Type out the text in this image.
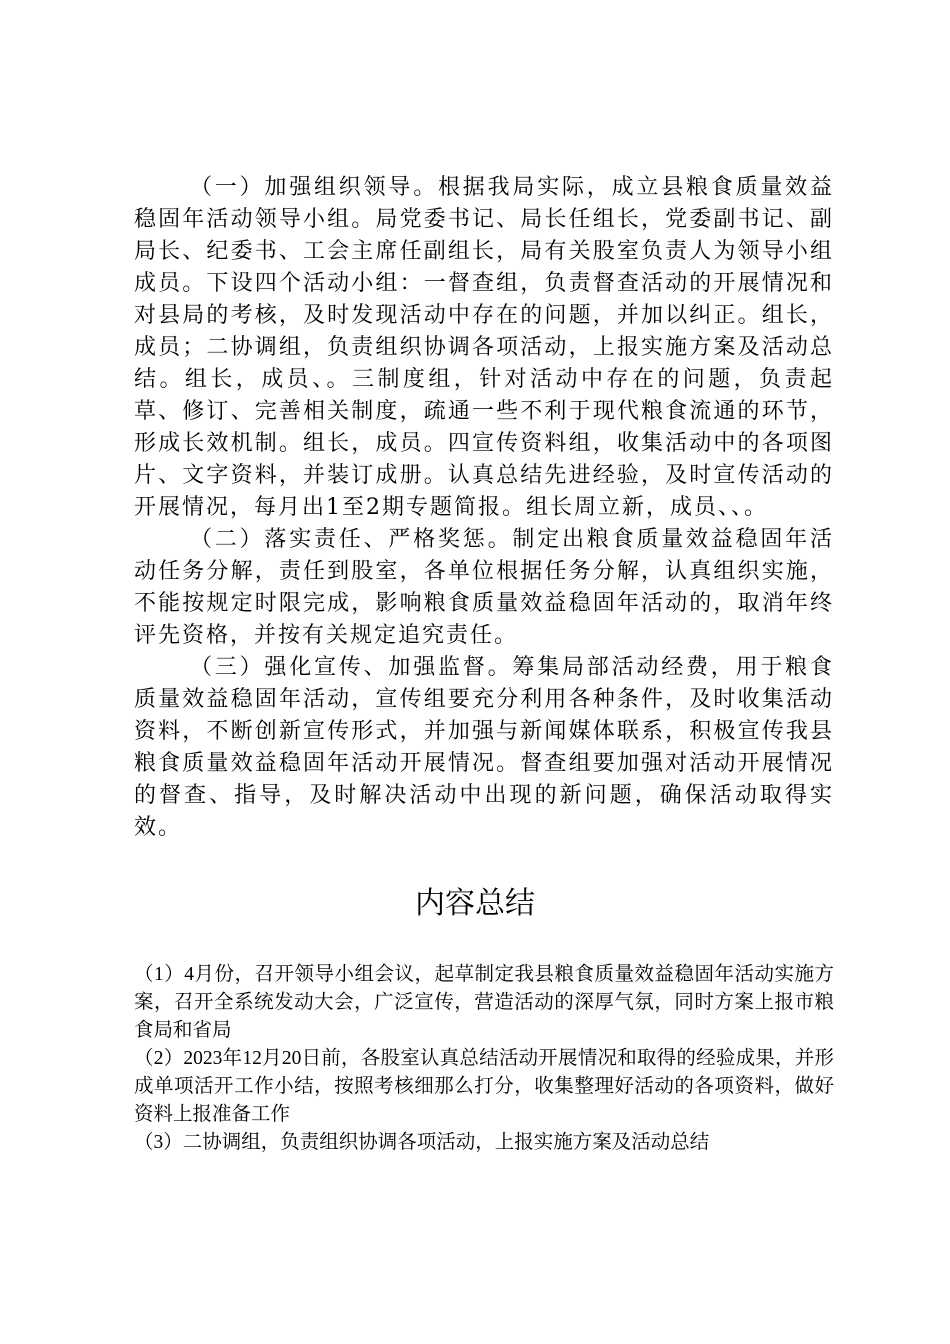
（一）加强组织领导。根据我局实际，成立县粮食质量效益稳固年活动领导小组。局党委书记、局长任组长，党委副书记、副局长、纪委书、工会主席任副组长，局有关股室负责人为领导小组成员。下设四个活动小组：一督查组，负责督查活动的开展情况和对县局的考核，及时发现活动中存在的问题，并加以纠正。组长，成员；二协调组，负责组织协调各项活动，上报实施方案及活动总结。组长，成员、。三制度组，针对活动中存在的问题，负责起草、修订、完善相关制度，疏通一些不利于现代粮食流通的环节，形成长效机制。组长，成员。四宣传资料组，收集活动中的各项图片、文字资料，并装订成册。认真总结先进经验，及时宣传活动的开展情况，每月出1至2期专题简报。组长周立新，成员、、。

（二）落实责任、严格奖惩。制定出粮食质量效益稳固年活动任务分解，责任到股室，各单位根据任务分解，认真组织实施，不能按规定时限完成，影响粮食质量效益稳固年活动的，取消年终评先资格，并按有关规定追究责任。

（三）强化宣传、加强监督。筹集局部活动经费，用于粮食质量效益稳固年活动，宣传组要充分利用各种条件，及时收集活动资料，不断创新宣传形式，并加强与新闻媒体联系，积极宣传我县粮食质量效益稳固年活动开展情况。督查组要加强对活动开展情况的督查、指导，及时解决活动中出现的新问题，确保活动取得实效。

内容总结

（1）4月份，召开领导小组会议，起草制定我县粮食质量效益稳固年活动实施方案，召开全系统发动大会，广泛宣传，营造活动的深厚气氛，同时方案上报市粮食局和省局

（2）2023年12月20日前，各股室认真总结活动开展情况和取得的经验成果，并形成单项活开工作小结，按照考核细那么打分，收集整理好活动的各项资料，做好资料上报准备工作

（3）二协调组，负责组织协调各项活动，上报实施方案及活动总结
